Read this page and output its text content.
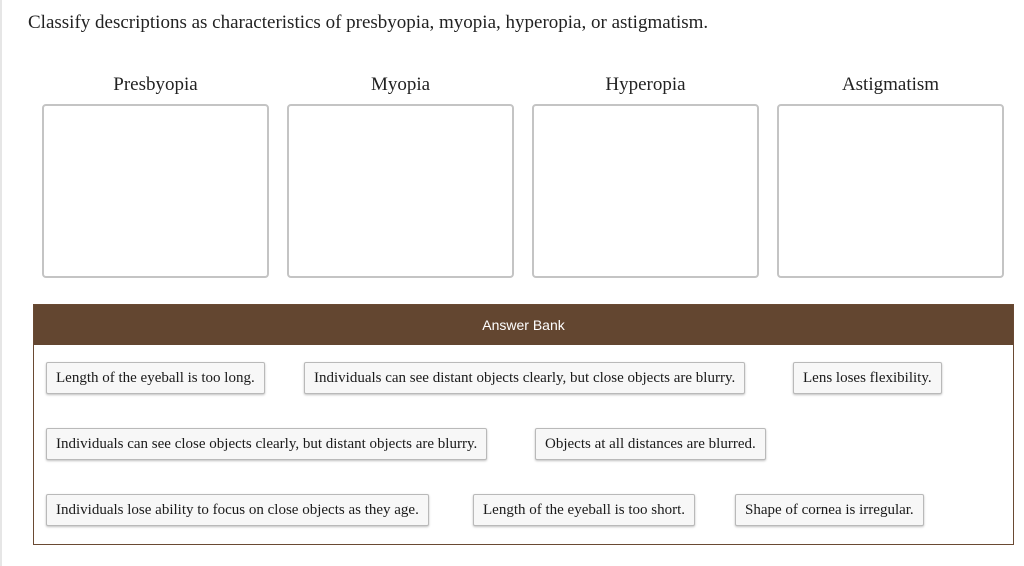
Classify descriptions as characteristics of presbyopia, myopia, hyperopia, or astigmatism.
Presbyopia	Myopia	Hyperopia	Astigmatism
Answer Bank
Length of the eyeball is too long.	Individuals can see distant objects clearly, but close objects are blurry.	Lens loses flexibility.
Individuals can see close objects clearly, but distant objects are blurry.	Objects at all distances are blurred.
Individuals lose ability to focus on close objects as they age.	Length of the eyeball is too short.	Shape of cornea is irregular.
